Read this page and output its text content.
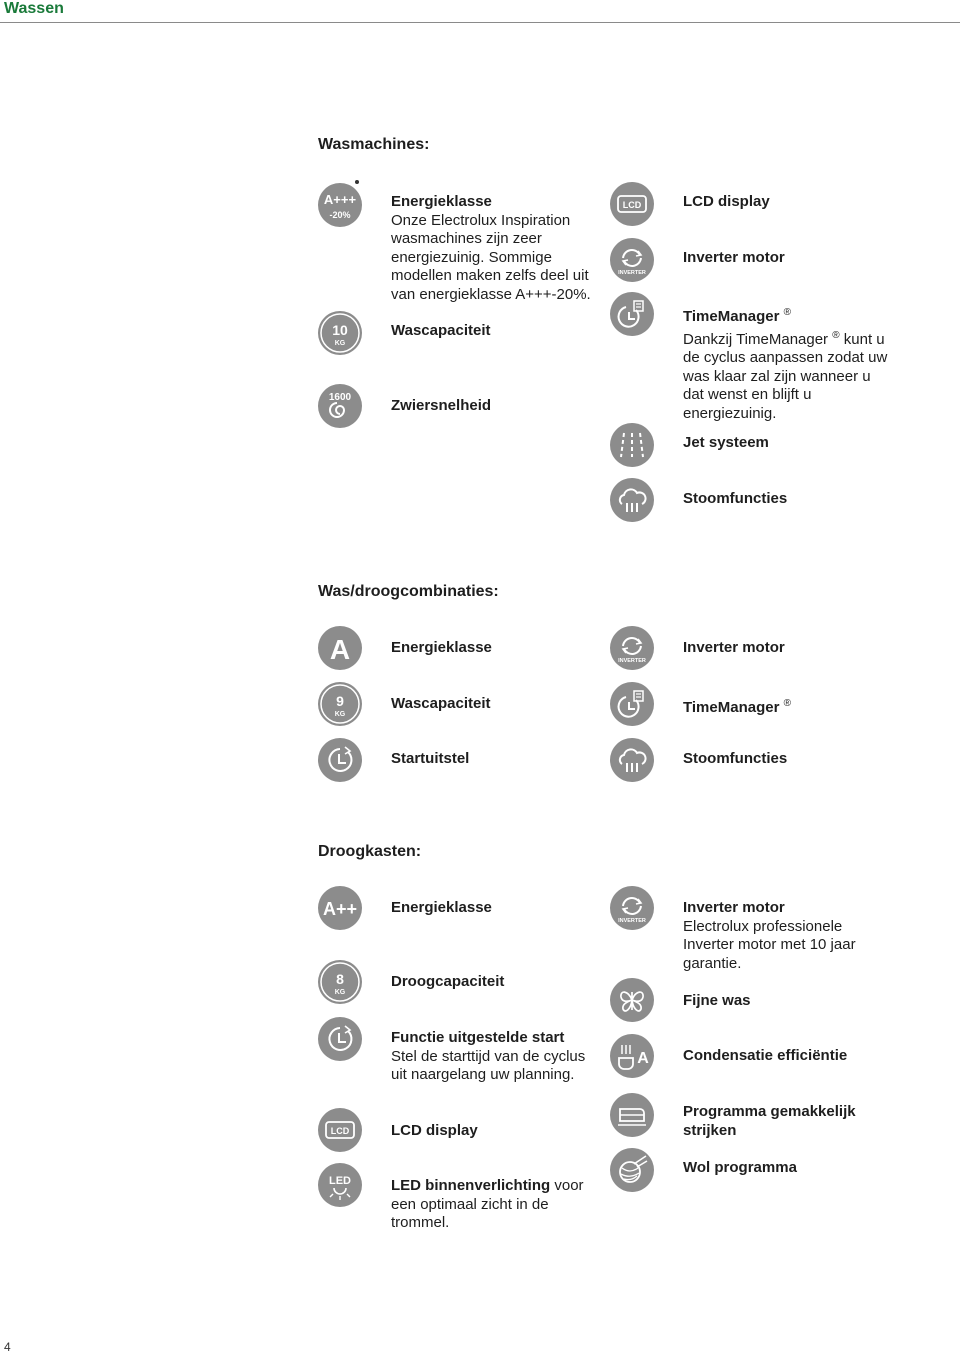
Wassen
Wasmachines:
A+++
-20%
Energieklasse
Onze Electrolux Inspiration
wasmachines zijn zeer
energiezuinig. Sommige
modellen maken zelfs deel uit
van energieklasse A+++-20%.
10
KG
Wascapaciteit
1600	Zwiersnelheid
LCD	LCD display
INVERTER
Inverter motor
TimeManager ®
Dankzij TimeManager ® kunt u
de cyclus aanpassen zodat uw
was klaar zal zijn wanneer u
dat wenst en blijft u
energiezuinig.
Jet systeem
Stoomfuncties
Was/droogcombinaties:
A	Energieklasse
9
KG
Wascapaciteit
Startuitstel
INVERTER
Inverter motor
TimeManager ®
Stoomfuncties
Droogkasten:
A++ Energieklasse
8
KG
Droogcapaciteit
Functie uitgestelde start
Stel de starttijd van de cyclus
uit naargelang uw planning.
LCD	LCD display
LED	LED binnenverlichting voor
een optimaal zicht in de
trommel.
INVERTER
Inverter motor
Electrolux professionele
Inverter motor met 10 jaar
garantie.
Fijne was
A Condensatie efficiëntie
Programma gemakkelijk
strijken
Wol programma
4
